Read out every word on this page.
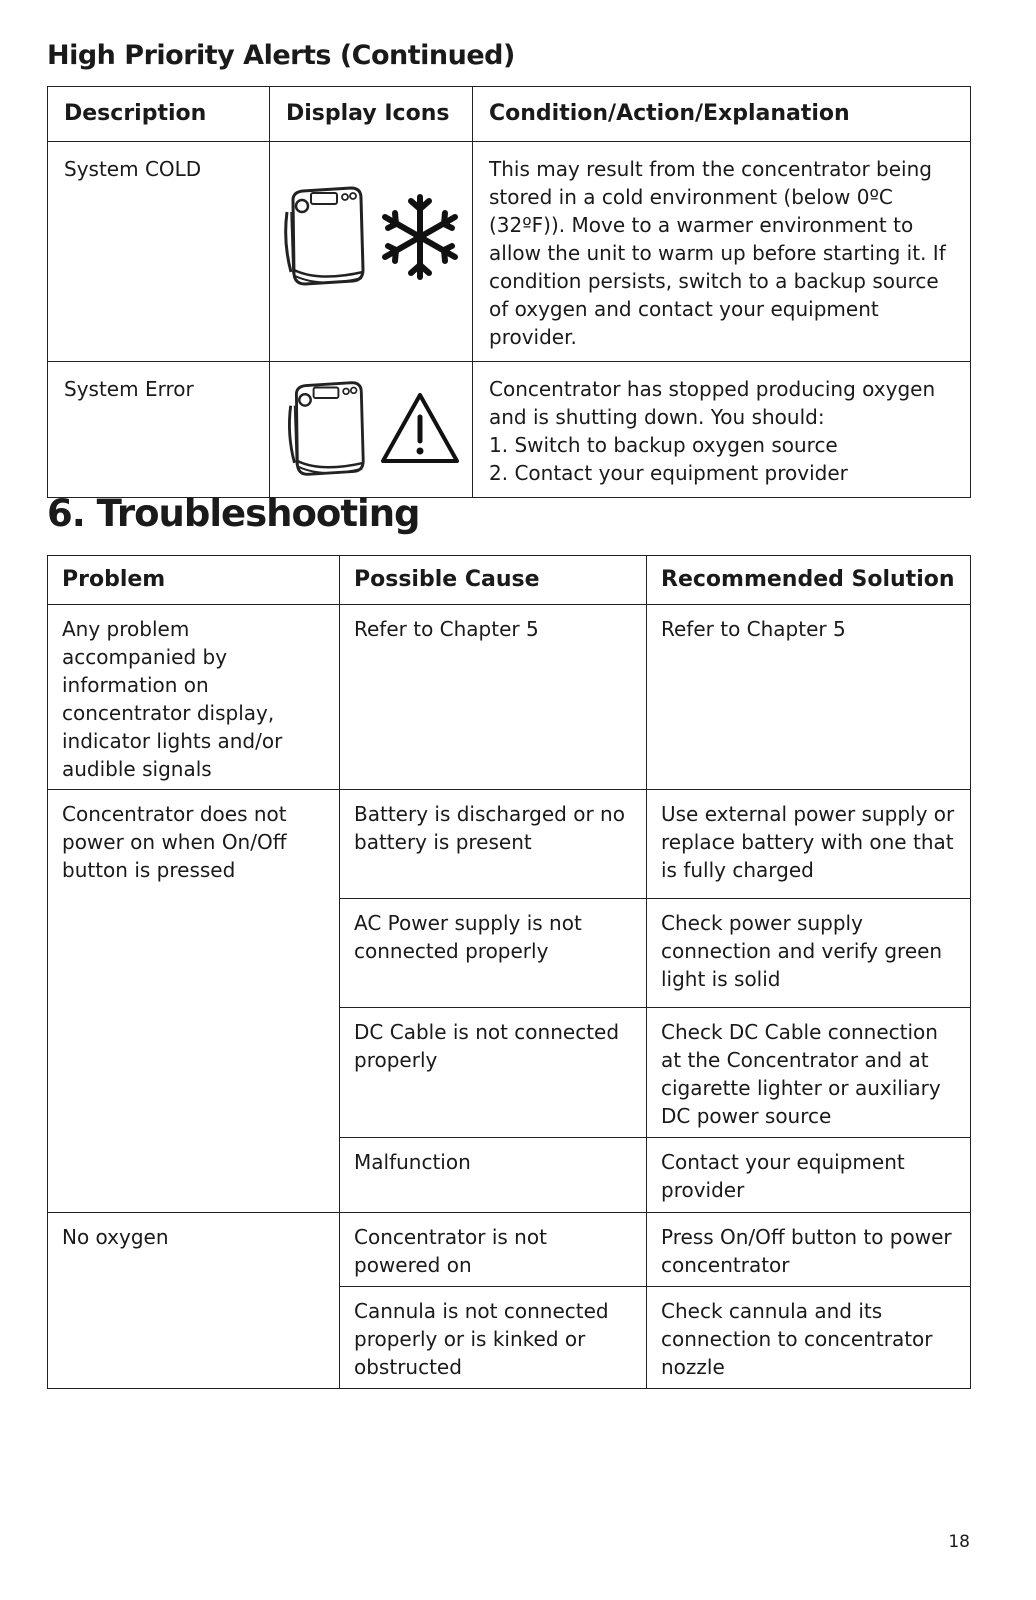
High Priority Alerts (Continued)
Description	Display Icons	Condition/Action/Explanation
System COLD		This may result from the concentrator being stored in a cold environment (below 0ºC (32ºF)). Move to a warmer environment to allow the unit to warm up before starting it. If condition persists, switch to a backup source of oxygen and contact your equipment provider.
System Error		Concentrator has stopped producing oxygen and is shutting down. You should:
1. Switch to backup oxygen source
2. Contact your equipment provider
6. Troubleshooting
Problem	Possible Cause	Recommended Solution
Any problem accompanied by information on concentrator display, indicator lights and/or audible signals	Refer to Chapter 5	Refer to Chapter 5
Concentrator does not power on when On/Off button is pressed	Battery is discharged or no battery is present	Use external power supply or replace battery with one that is fully charged
	AC Power supply is not connected properly	Check power supply connection and verify green light is solid
	DC Cable is not connected properly	Check DC Cable connection at the Concentrator and at cigarette lighter or auxiliary DC power source
	Malfunction	Contact your equipment provider
No oxygen	Concentrator is not powered on	Press On/Off button to power concentrator
	Cannula is not connected properly or is kinked or obstructed	Check cannula and its connection to concentrator nozzle
18
